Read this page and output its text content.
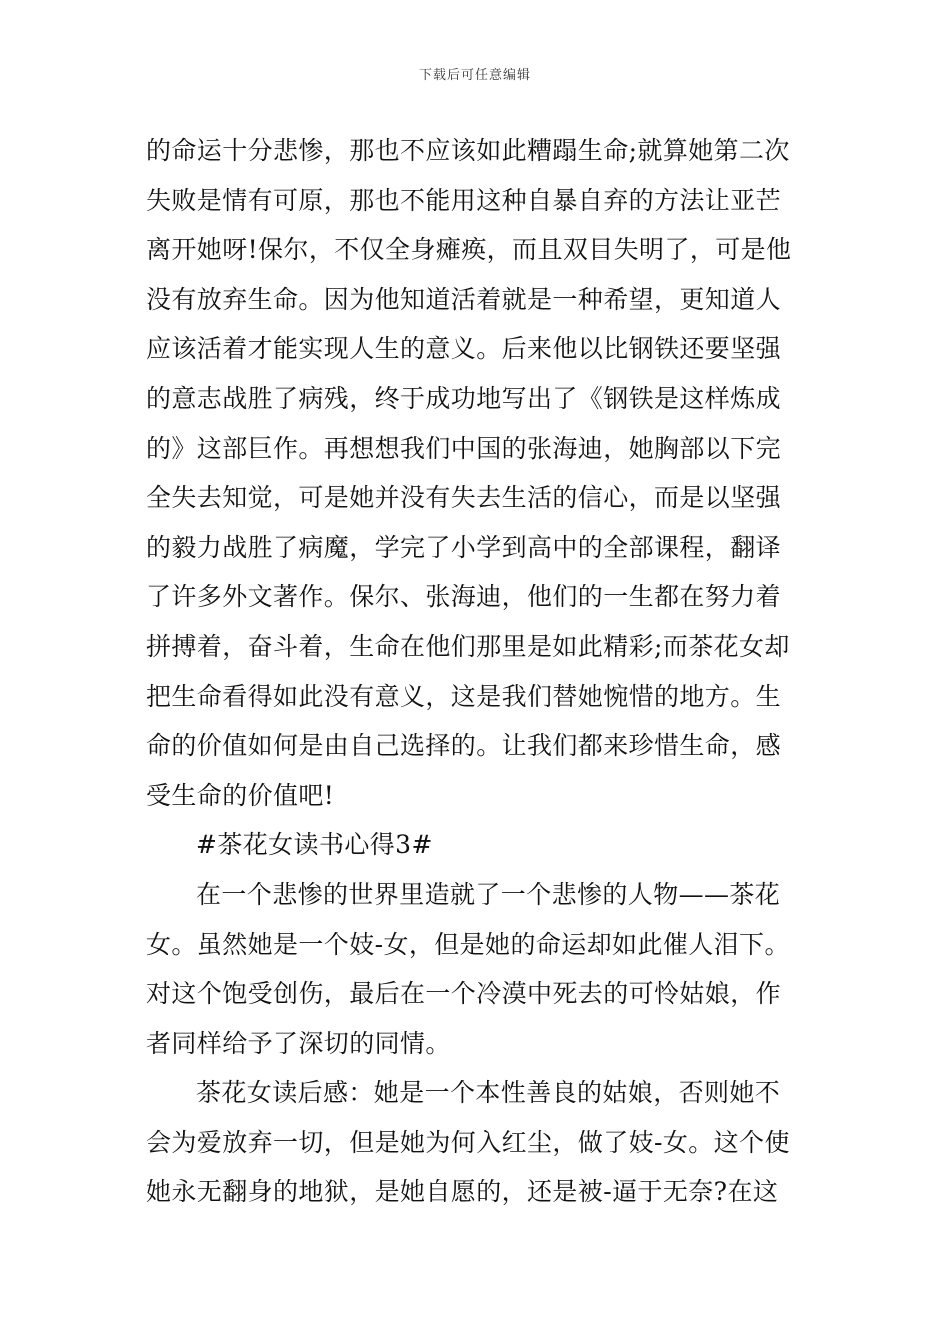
下载后可任意编辑
的命运十分悲惨，那也不应该如此糟蹋生命;就算她第二次
失败是情有可原，那也不能用这种自暴自弃的方法让亚芒
离开她呀!保尔，不仅全身瘫痪，而且双目失明了，可是他
没有放弃生命。因为他知道活着就是一种希望，更知道人
应该活着才能实现人生的意义。后来他以比钢铁还要坚强
的意志战胜了病残，终于成功地写出了《钢铁是这样炼成
的》这部巨作。再想想我们中国的张海迪，她胸部以下完
全失去知觉，可是她并没有失去生活的信心，而是以坚强
的毅力战胜了病魔，学完了小学到高中的全部课程，翻译
了许多外文著作。保尔、张海迪，他们的一生都在努力着
拼搏着，奋斗着，生命在他们那里是如此精彩;而茶花女却
把生命看得如此没有意义，这是我们替她惋惜的地方。生
命的价值如何是由自己选择的。让我们都来珍惜生命，感
受生命的价值吧!
#茶花女读书心得3#
在一个悲惨的世界里造就了一个悲惨的人物——茶花
女。虽然她是一个妓-女，但是她的命运却如此催人泪下。
对这个饱受创伤，最后在一个冷漠中死去的可怜姑娘，作
者同样给予了深切的同情。
茶花女读后感：她是一个本性善良的姑娘，否则她不
会为爱放弃一切，但是她为何入红尘，做了妓-女。这个使
她永无翻身的地狱，是她自愿的，还是被-逼于无奈?在这
